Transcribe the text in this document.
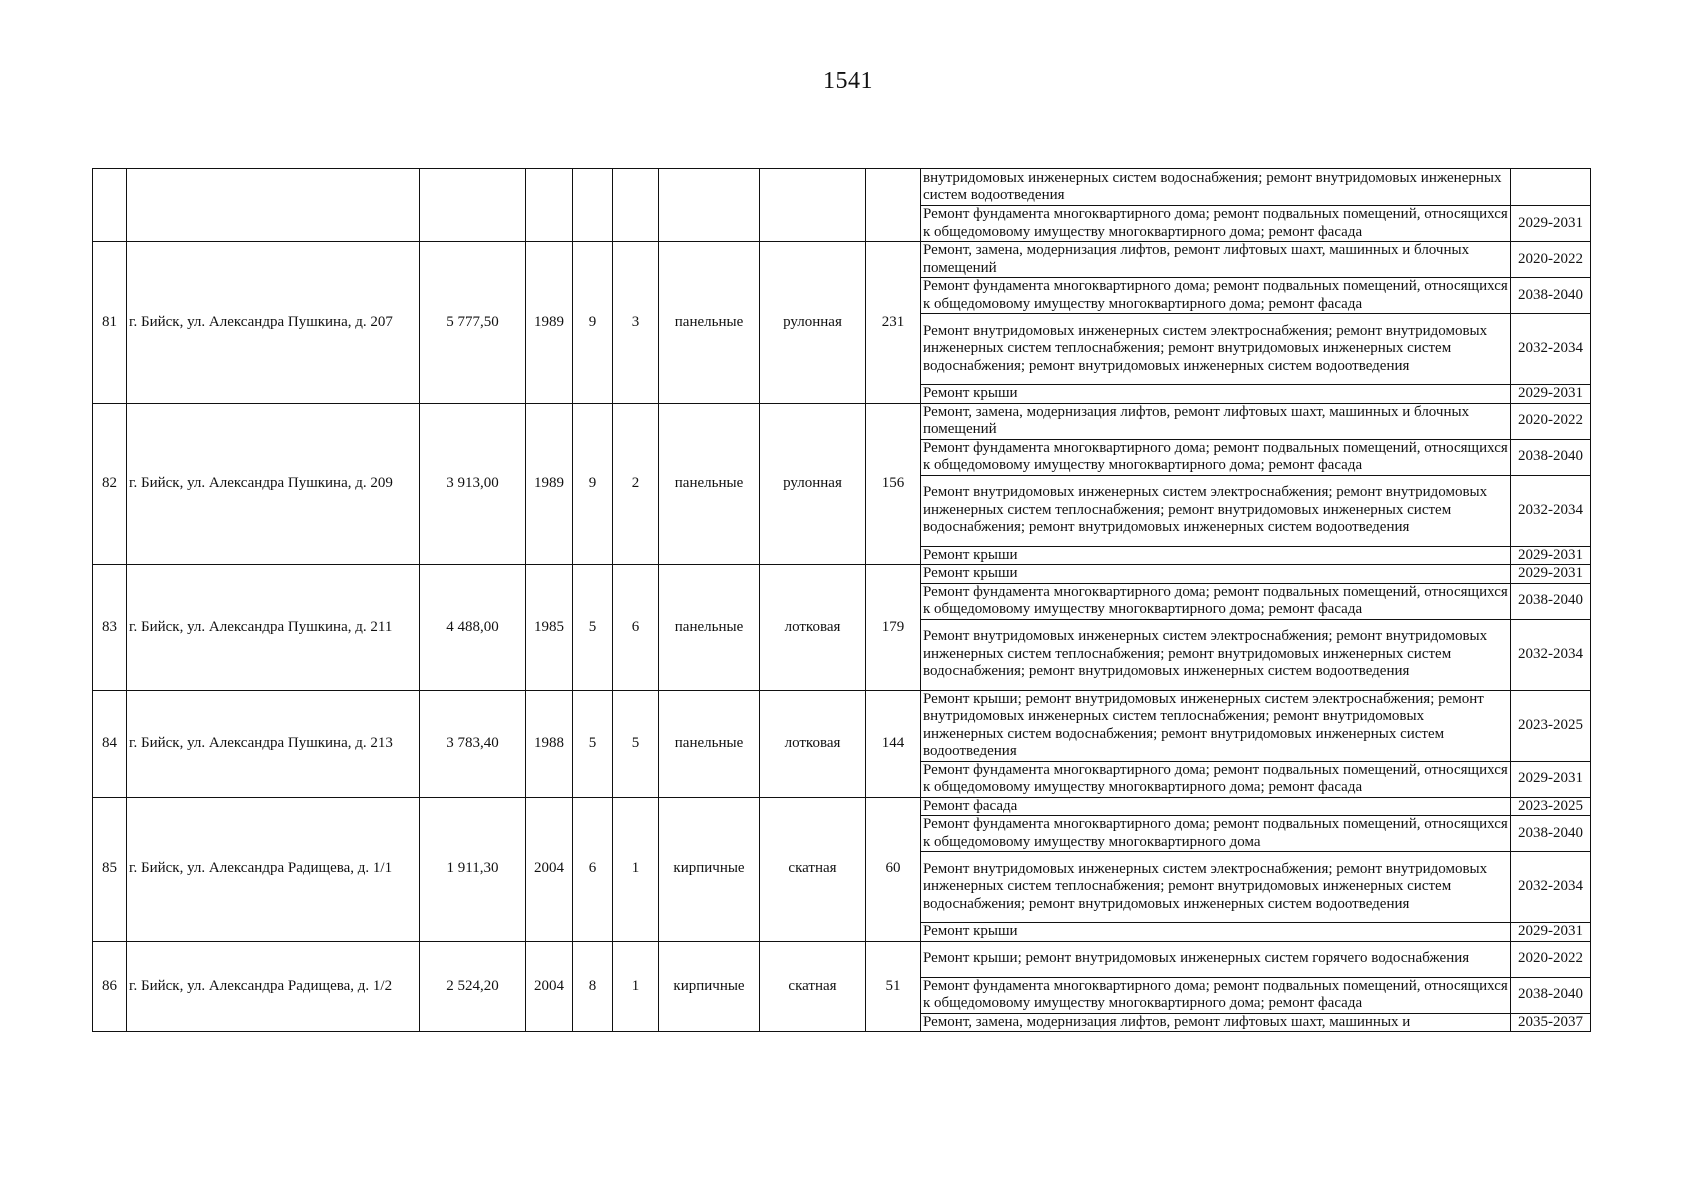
1541
									внутридомовых инженерных систем водоснабжения; ремонт внутридомовых инженерных систем водоотведения	
									Ремонт фундамента многоквартирного дома; ремонт подвальных помещений, относящихся к общедомовому имуществу многоквартирного дома; ремонт фасада	2029-2031
81	г. Бийск, ул. Александра Пушкина, д. 207	5 777,50	1989	9	3	панельные	рулонная	231	Ремонт, замена, модернизация лифтов, ремонт лифтовых шахт, машинных и блочных помещений	2020-2022
									Ремонт фундамента многоквартирного дома; ремонт подвальных помещений, относящихся к общедомовому имуществу многоквартирного дома; ремонт фасада	2038-2040
									Ремонт внутридомовых инженерных систем электроснабжения; ремонт внутридомовых инженерных систем теплоснабжения; ремонт внутридомовых инженерных систем водоснабжения; ремонт внутридомовых инженерных систем водоотведения	2032-2034
									Ремонт крыши	2029-2031
82	г. Бийск, ул. Александра Пушкина, д. 209	3 913,00	1989	9	2	панельные	рулонная	156	Ремонт, замена, модернизация лифтов, ремонт лифтовых шахт, машинных и блочных помещений	2020-2022
									Ремонт фундамента многоквартирного дома; ремонт подвальных помещений, относящихся к общедомовому имуществу многоквартирного дома; ремонт фасада	2038-2040
									Ремонт внутридомовых инженерных систем электроснабжения; ремонт внутридомовых инженерных систем теплоснабжения; ремонт внутридомовых инженерных систем водоснабжения; ремонт внутридомовых инженерных систем водоотведения	2032-2034
									Ремонт крыши	2029-2031
83	г. Бийск, ул. Александра Пушкина, д. 211	4 488,00	1985	5	6	панельные	лотковая	179	Ремонт крыши	2029-2031
									Ремонт фундамента многоквартирного дома; ремонт подвальных помещений, относящихся к общедомовому имуществу многоквартирного дома; ремонт фасада	2038-2040
									Ремонт внутридомовых инженерных систем электроснабжения; ремонт внутридомовых инженерных систем теплоснабжения; ремонт внутридомовых инженерных систем водоснабжения; ремонт внутридомовых инженерных систем водоотведения	2032-2034
84	г. Бийск, ул. Александра Пушкина, д. 213	3 783,40	1988	5	5	панельные	лотковая	144	Ремонт крыши; ремонт внутридомовых инженерных систем электроснабжения; ремонт внутридомовых инженерных систем теплоснабжения; ремонт внутридомовых инженерных систем водоснабжения; ремонт внутридомовых инженерных систем водоотведения	2023-2025
									Ремонт фундамента многоквартирного дома; ремонт подвальных помещений, относящихся к общедомовому имуществу многоквартирного дома; ремонт фасада	2029-2031
85	г. Бийск, ул. Александра Радищева, д. 1/1	1 911,30	2004	6	1	кирпичные	скатная	60	Ремонт фасада	2023-2025
									Ремонт фундамента многоквартирного дома; ремонт подвальных помещений, относящихся к общедомовому имуществу многоквартирного дома	2038-2040
									Ремонт внутридомовых инженерных систем электроснабжения; ремонт внутридомовых инженерных систем теплоснабжения; ремонт внутридомовых инженерных систем водоснабжения; ремонт внутридомовых инженерных систем водоотведения	2032-2034
									Ремонт крыши	2029-2031
86	г. Бийск, ул. Александра Радищева, д. 1/2	2 524,20	2004	8	1	кирпичные	скатная	51	Ремонт крыши; ремонт внутридомовых инженерных систем горячего водоснабжения	2020-2022
									Ремонт фундамента многоквартирного дома; ремонт подвальных помещений, относящихся к общедомовому имуществу многоквартирного дома; ремонт фасада	2038-2040

									Ремонт, замена, модернизация лифтов, ремонт лифтовых шахт, машинных и	2035-2037
